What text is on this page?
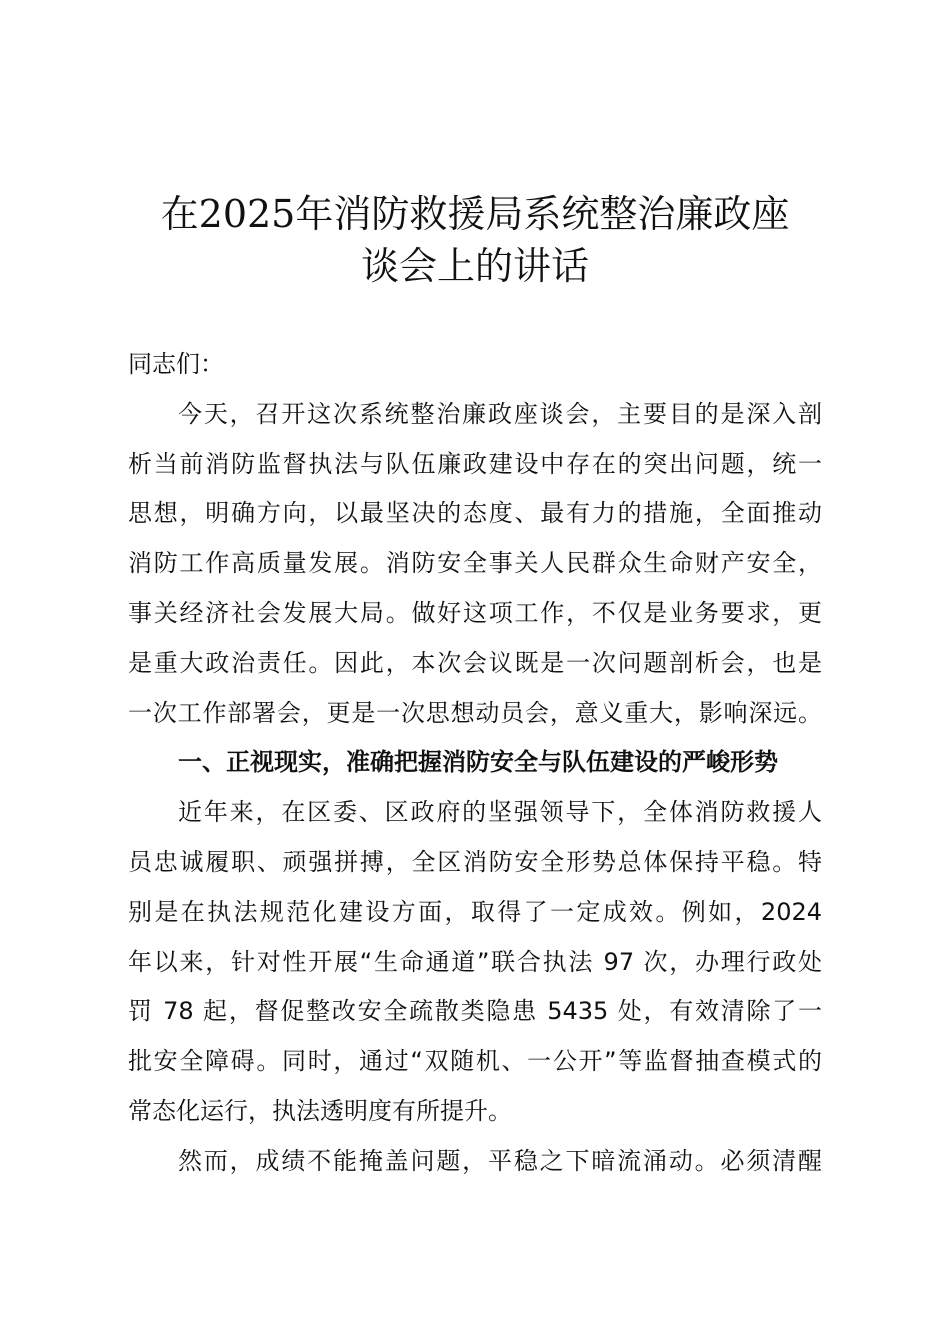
在2025年消防救援局系统整治廉政座
谈会上的讲话
同志们：
今天，召开这次系统整治廉政座谈会，主要目的是深入剖
析当前消防监督执法与队伍廉政建设中存在的突出问题，统一
思想，明确方向，以最坚决的态度、最有力的措施，全面推动
消防工作高质量发展。消防安全事关人民群众生命财产安全，
事关经济社会发展大局。做好这项工作，不仅是业务要求，更
是重大政治责任。因此，本次会议既是一次问题剖析会，也是
一次工作部署会，更是一次思想动员会，意义重大，影响深远。
一、正视现实，准确把握消防安全与队伍建设的严峻形势
近年来，在区委、区政府的坚强领导下，全体消防救援人
员忠诚履职、顽强拼搏，全区消防安全形势总体保持平稳。特
别是在执法规范化建设方面，取得了一定成效。例如，2024
年以来，针对性开展“生命通道”联合执法 97 次，办理行政处
罚 78 起，督促整改安全疏散类隐患 5435 处，有效清除了一
批安全障碍。同时，通过“双随机、一公开”等监督抽查模式的
常态化运行，执法透明度有所提升。
然而，成绩不能掩盖问题，平稳之下暗流涌动。必须清醒
